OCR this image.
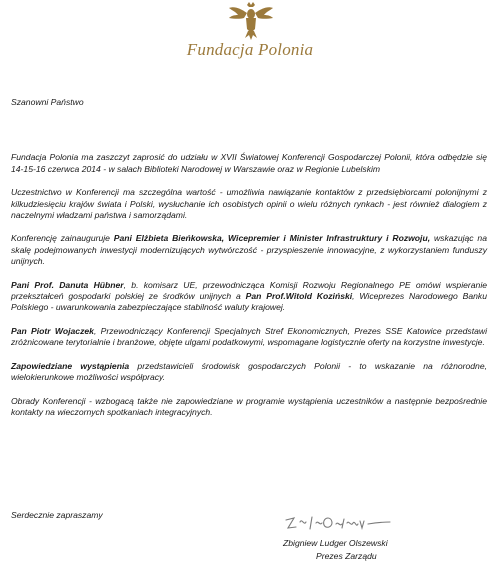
Fundacja Polonia

Szanowni Państwo

Fundacja Polonia ma zaszczyt zaprosić do udziału w XVII Światowej Konferencji Gospodarczej Polonii, która odbędzie się 14-15-16 czerwca 2014 - w salach Biblioteki Narodowej w Warszawie oraz w Regionie Lubelskim

Uczestnictwo w Konferencji ma szczególna wartość - umożliwia nawiązanie kontaktów z przedsiębiorcami polonijnymi z kilkudziesięciu krajów świata i Polski, wysłuchanie ich osobistych opinii o wielu różnych rynkach - jest również dialogiem z naczelnymi władzami państwa i samorządami.

Konferencję zainauguruje Pani Elżbieta Bieńkowska, Wicepremier i Minister Infrastruktury i Rozwoju, wskazując na skalę podejmowanych inwestycji modernizujących wytwórczość - przyspieszenie innowacyjne, z wykorzystaniem funduszy unijnych.

Pani Prof. Danuta Hübner, b. komisarz UE, przewodnicząca Komisji Rozwoju Regionalnego PE omówi wspieranie przekształceń gospodarki polskiej ze środków unijnych a Pan Prof.Witold Koziński, Wiceprezes Narodowego Banku Polskiego - uwarunkowania zabezpieczające stabilność waluty krajowej.

Pan Piotr Wojaczek, Przewodniczący Konferencji Specjalnych Stref Ekonomicznych, Prezes SSE Katowice przedstawi zróżnicowane terytorialnie i branżowe, objęte ulgami podatkowymi, wspomagane logistycznie oferty na korzystne inwestycje.

Zapowiedziane wystąpienia przedstawicieli środowisk gospodarczych Polonii - to wskazanie na różnorodne, wielokierunkowe możliwości współpracy.

Obrady Konferencji - wzbogacą także nie zapowiedziane w programie wystąpienia uczestników a następnie bezpośrednie kontakty na wieczornych spotkaniach integracyjnych.

Serdecznie zapraszamy
Zbigniew Ludger Olszewski
Prezes Zarządu
